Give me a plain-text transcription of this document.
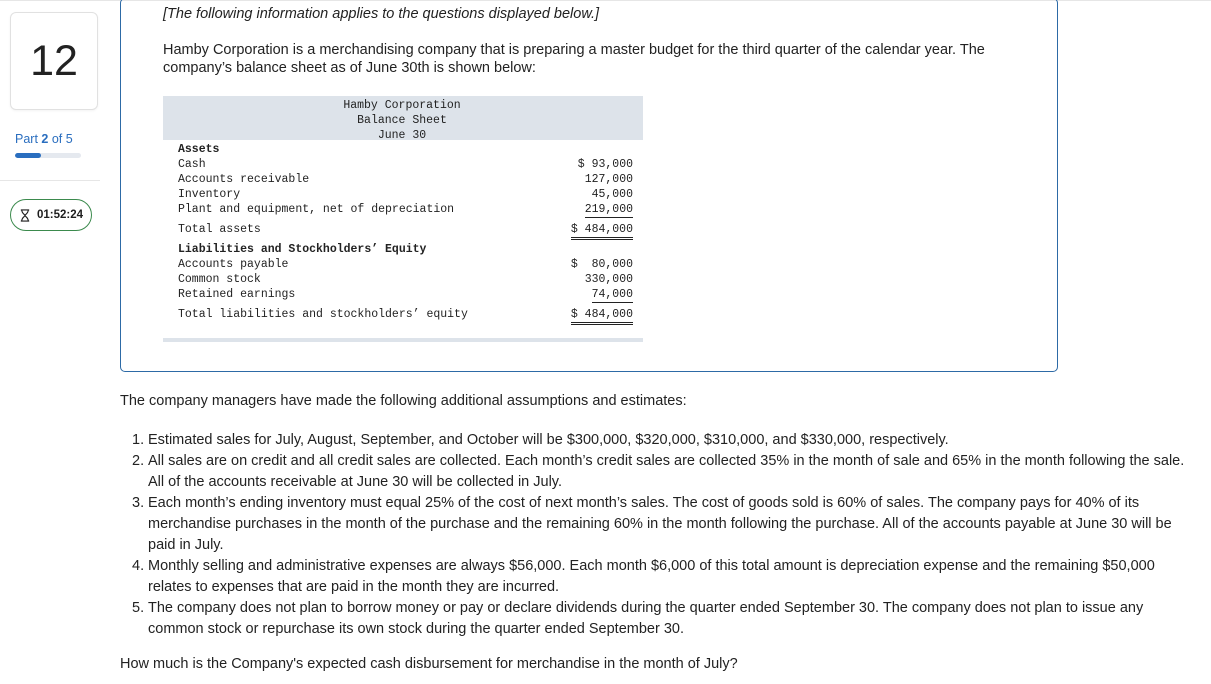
12
Part 2 of 5
01:52:24
[The following information applies to the questions displayed below.]
Hamby Corporation is a merchandising company that is preparing a master budget for the third quarter of the calendar year. The company’s balance sheet as of June 30th is shown below:
Hamby Corporation
Balance Sheet
June 30
Assets
Cash	$ 93,000
Accounts receivable	127,000
Inventory	45,000
Plant and equipment, net of depreciation	219,000
Total assets	$ 484,000
Liabilities and Stockholders’ Equity
Accounts payable	$  80,000
Common stock	330,000
Retained earnings	74,000
Total liabilities and stockholders’ equity	$ 484,000
The company managers have made the following additional assumptions and estimates:
1. Estimated sales for July, August, September, and October will be $300,000, $320,000, $310,000, and $330,000, respectively.
2. All sales are on credit and all credit sales are collected. Each month’s credit sales are collected 35% in the month of sale and 65% in the month following the sale. All of the accounts receivable at June 30 will be collected in July.
3. Each month’s ending inventory must equal 25% of the cost of next month’s sales. The cost of goods sold is 60% of sales. The company pays for 40% of its merchandise purchases in the month of the purchase and the remaining 60% in the month following the purchase. All of the accounts payable at June 30 will be paid in July.
4. Monthly selling and administrative expenses are always $56,000. Each month $6,000 of this total amount is depreciation expense and the remaining $50,000 relates to expenses that are paid in the month they are incurred.
5. The company does not plan to borrow money or pay or declare dividends during the quarter ended September 30. The company does not plan to issue any common stock or repurchase its own stock during the quarter ended September 30.
How much is the Company's expected cash disbursement for merchandise in the month of July?
